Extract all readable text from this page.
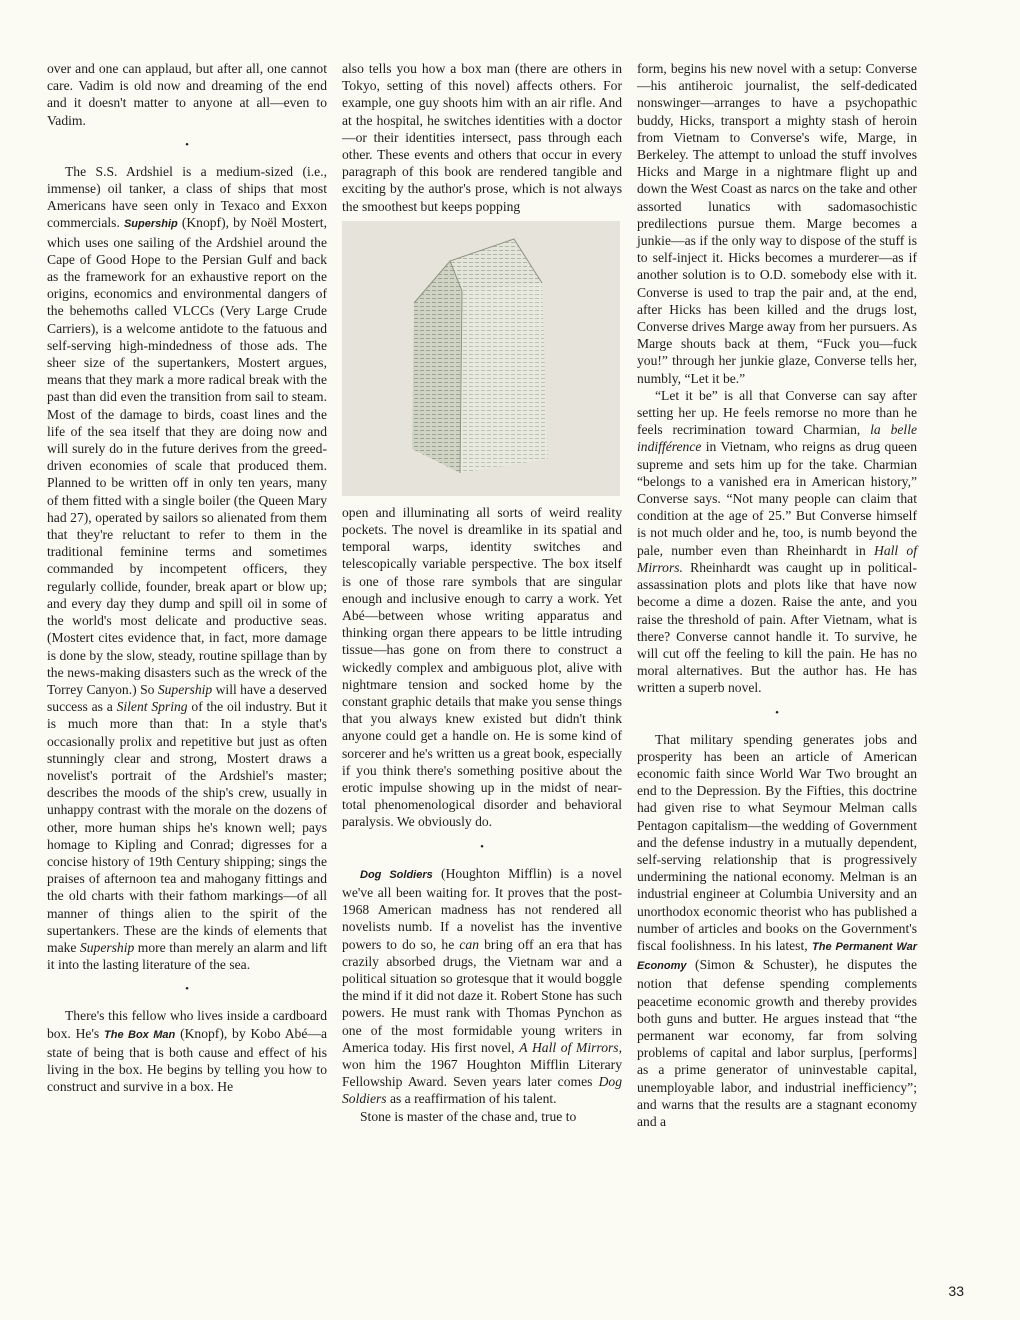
over and one can applaud, but after all, one cannot care. Vadim is old now and dreaming of the end and it doesn't matter to anyone at all—even to Vadim.

•

The S.S. Ardshiel is a medium-sized (i.e., immense) oil tanker, a class of ships that most Americans have seen only in Texaco and Exxon commercials. Supership (Knopf), by Noël Mostert, which uses one sailing of the Ardshiel around the Cape of Good Hope to the Persian Gulf and back as the framework for an exhaustive report on the origins, economics and environmental dangers of the behemoths called VLCCs (Very Large Crude Carriers), is a welcome antidote to the fatuous and self-serving high-mindedness of those ads. The sheer size of the supertankers, Mostert argues, means that they mark a more radical break with the past than did even the transition from sail to steam. Most of the damage to birds, coast lines and the life of the sea itself that they are doing now and will surely do in the future derives from the greed-driven economies of scale that produced them. Planned to be written off in only ten years, many of them fitted with a single boiler (the Queen Mary had 27), operated by sailors so alienated from them that they're reluctant to refer to them in the traditional feminine terms and sometimes commanded by incompetent officers, they regularly collide, founder, break apart or blow up; and every day they dump and spill oil in some of the world's most delicate and productive seas. (Mostert cites evidence that, in fact, more damage is done by the slow, steady, routine spillage than by the news-making disasters such as the wreck of the Torrey Canyon.) So Supership will have a deserved success as a Silent Spring of the oil industry. But it is much more than that: In a style that's occasionally prolix and repetitive but just as often stunningly clear and strong, Mostert draws a novelist's portrait of the Ardshiel's master; describes the moods of the ship's crew, usually in unhappy contrast with the morale on the dozens of other, more human ships he's known well; pays homage to Kipling and Conrad; digresses for a concise history of 19th Century shipping; sings the praises of afternoon tea and mahogany fittings and the old charts with their fathom markings—of all manner of things alien to the spirit of the supertankers. These are the kinds of elements that make Supership more than merely an alarm and lift it into the lasting literature of the sea.

•

There's this fellow who lives inside a cardboard box. He's The Box Man (Knopf), by Kobo Abé—a state of being that is both cause and effect of his living in the box. He begins by telling you how to construct and survive in a box. He

also tells you how a box man (there are others in Tokyo, setting of this novel) affects others. For example, one guy shoots him with an air rifle. And at the hospital, he switches identities with a doctor—or their identities intersect, pass through each other. These events and others that occur in every paragraph of this book are rendered tangible and exciting by the author's prose, which is not always the smoothest but keeps popping

open and illuminating all sorts of weird reality pockets. The novel is dreamlike in its spatial and temporal warps, identity switches and telescopically variable perspective. The box itself is one of those rare symbols that are singular enough and inclusive enough to carry a work. Yet Abé—between whose writing apparatus and thinking organ there appears to be little intruding tissue—has gone on from there to construct a wickedly complex and ambiguous plot, alive with nightmare tension and socked home by the constant graphic details that make you sense things that you always knew existed but didn't think anyone could get a handle on. He is some kind of sorcerer and he's written us a great book, especially if you think there's something positive about the erotic impulse showing up in the midst of near-total phenomenological disorder and behavioral paralysis. We obviously do.

•

Dog Soldiers (Houghton Mifflin) is a novel we've all been waiting for. It proves that the post-1968 American madness has not rendered all novelists numb. If a novelist has the inventive powers to do so, he can bring off an era that has crazily absorbed drugs, the Vietnam war and a political situation so grotesque that it would boggle the mind if it did not daze it. Robert Stone has such powers. He must rank with Thomas Pynchon as one of the most formidable young writers in America today. His first novel, A Hall of Mirrors, won him the 1967 Houghton Mifflin Literary Fellowship Award. Seven years later comes Dog Soldiers as a reaffirmation of his talent.

Stone is master of the chase and, true to

form, begins his new novel with a setup: Converse—his antiheroic journalist, the self-dedicated nonswinger—arranges to have a psychopathic buddy, Hicks, transport a mighty stash of heroin from Vietnam to Converse's wife, Marge, in Berkeley. The attempt to unload the stuff involves Hicks and Marge in a nightmare flight up and down the West Coast as narcs on the take and other assorted lunatics with sadomasochistic predilections pursue them. Marge becomes a junkie—as if the only way to dispose of the stuff is to self-inject it. Hicks becomes a murderer—as if another solution is to O.D. somebody else with it. Converse is used to trap the pair and, at the end, after Hicks has been killed and the drugs lost, Converse drives Marge away from her pursuers. As Marge shouts back at them, “Fuck you—fuck you!” through her junkie glaze, Converse tells her, numbly, “Let it be.”

“Let it be” is all that Converse can say after setting her up. He feels remorse no more than he feels recrimination toward Charmian, la belle indifférence in Vietnam, who reigns as drug queen supreme and sets him up for the take. Charmian “belongs to a vanished era in American history,” Converse says. “Not many people can claim that condition at the age of 25.” But Converse himself is not much older and he, too, is numb beyond the pale, number even than Rheinhardt in Hall of Mirrors. Rheinhardt was caught up in political-assassination plots and plots like that have now become a dime a dozen. Raise the ante, and you raise the threshold of pain. After Vietnam, what is there? Converse cannot handle it. To survive, he will cut off the feeling to kill the pain. He has no moral alternatives. But the author has. He has written a superb novel.

•

That military spending generates jobs and prosperity has been an article of American economic faith since World War Two brought an end to the Depression. By the Fifties, this doctrine had given rise to what Seymour Melman calls Pentagon capitalism—the wedding of Government and the defense industry in a mutually dependent, self-serving relationship that is progressively undermining the national economy. Melman is an industrial engineer at Columbia University and an unorthodox economic theorist who has published a number of articles and books on the Government's fiscal foolishness. In his latest, The Permanent War Economy (Simon & Schuster), he disputes the notion that defense spending complements peacetime economic growth and thereby provides both guns and butter. He argues instead that “the permanent war economy, far from solving problems of capital and labor surplus, [performs] as a prime generator of uninvestable capital, unemployable labor, and industrial inefficiency”; and warns that the results are a stagnant economy and a

33
